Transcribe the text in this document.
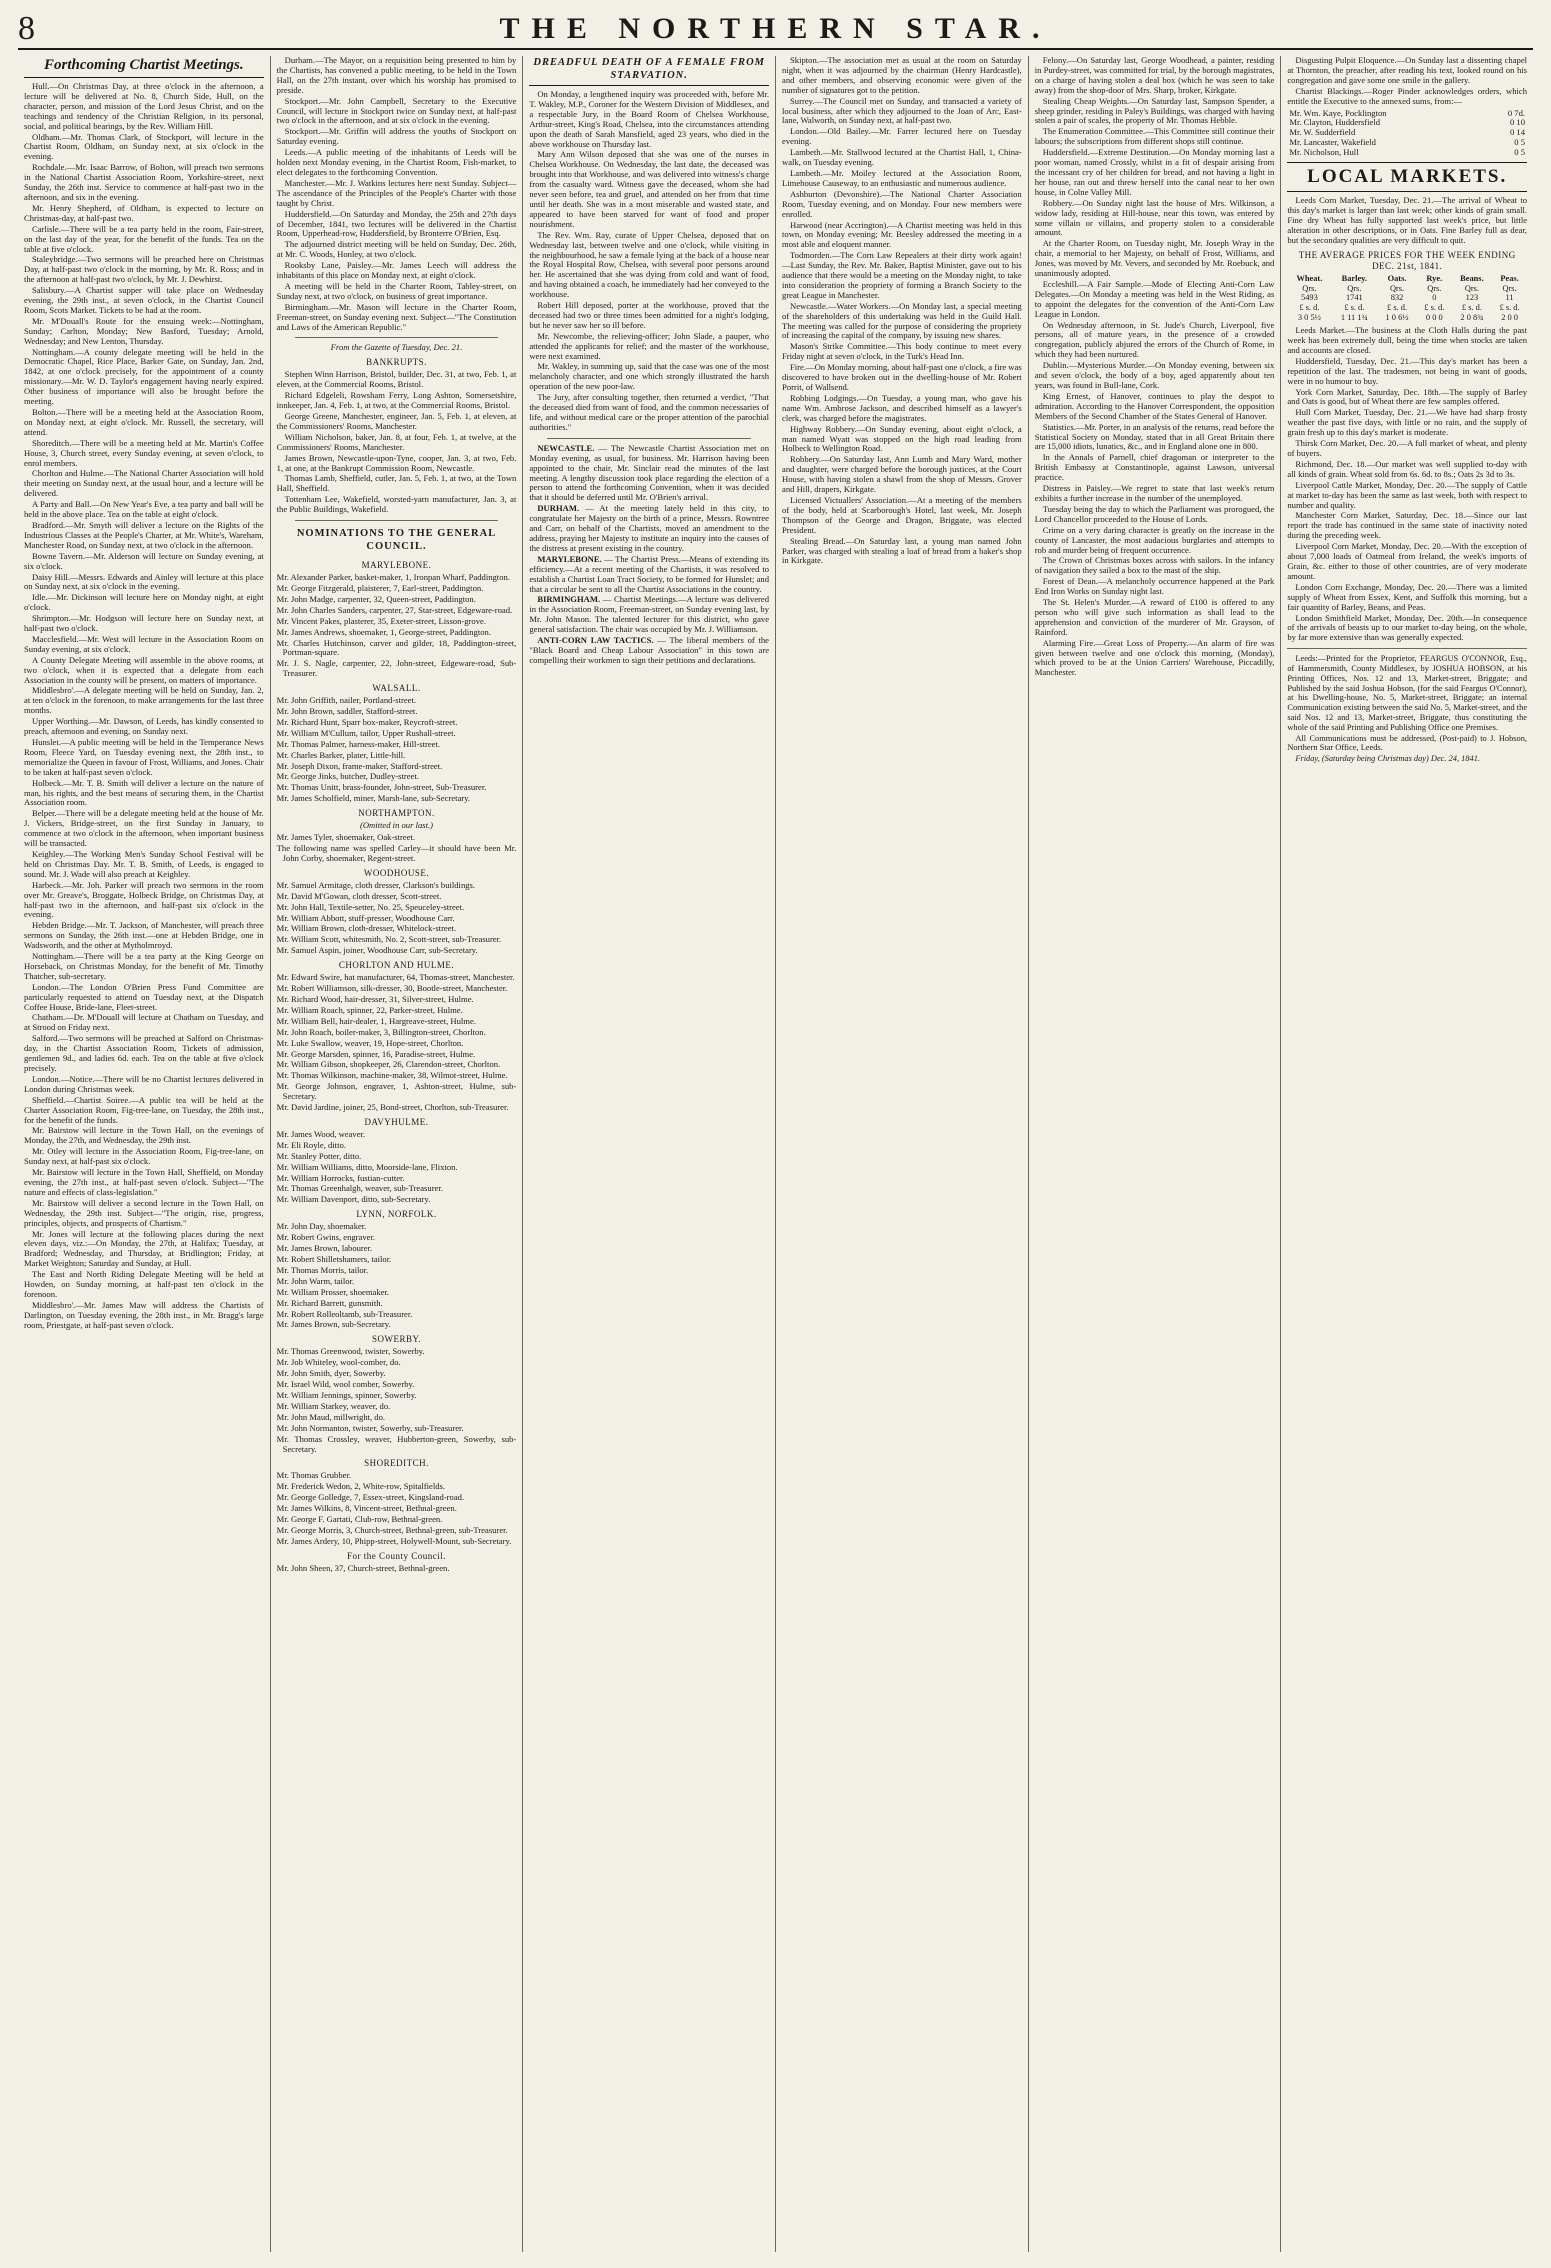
8	THE NORTHERN STAR.
Forthcoming Chartist Meetings.

Hull.—On Christmas Day, at three o'clock in the afternoon, a lecture will be delivered at No. 8, Church Side, Hull, on the character, person, and mission of the Lord Jesus Christ, and on the teachings and tendency of the Christian Religion, in its personal, social, and political bearings, by the Rev. William Hill.

Oldham.—Mr. Thomas Clark, of Stockport, will lecture in the Chartist Room, Oldham, on Sunday next, at six o'clock in the evening.

Rochdale.—Mr. Isaac Barrow, of Bolton, will preach two sermons in the National Chartist Association Room, Yorkshire-street, next Sunday, the 26th inst. Service to commence at half-past two in the afternoon, and six in the evening.

Mr. Henry Shepherd, of Oldham, is expected to lecture on Christmas-day, at half-past two.

Carlisle.—There will be a tea party held in the room, Fair-street, on the last day of the year, for the benefit of the funds. Tea on the table at five o'clock.

Staleybridge.—Two sermons will be preached here on Christmas Day, at half-past two o'clock in the morning, by Mr. R. Ross; and in the afternoon at half-past two o'clock, by Mr. J. Dewhirst.

Salisbury.—A Chartist supper will take place on Wednesday evening, the 29th inst., at seven o'clock, in the Chartist Council Room, Scots Market. Tickets to be had at the room.

Mr. M'Douall's Route for the ensuing week:—Nottingham, Sunday; Carlton, Monday; New Basford, Tuesday; Arnold, Wednesday; and New Lenton, Thursday.

Nottingham.—A county delegate meeting will be held in the Democratic Chapel, Rice Place, Barker Gate, on Sunday, Jan. 2nd, 1842, at one o'clock precisely, for the appointment of a county missionary.—Mr. W. D. Taylor's engagement having nearly expired. Other business of importance will also be brought before the meeting.

Bolton.—There will be a meeting held at the Association Room, on Monday next, at eight o'clock. Mr. Russell, the secretary, will attend.

Shoreditch.—There will be a meeting held at Mr. Martin's Coffee House, 3, Church street, every Sunday evening, at seven o'clock, to enrol members.

Chorlton and Hulme.—The National Charter Association will hold their meeting on Sunday next, at the usual hour, and a lecture will be delivered.

A Party and Ball.—On New Year's Eve, a tea party and ball will be held in the above place. Tea on the table at eight o'clock.

Bradford.—Mr. Smyth will deliver a lecture on the Rights of the Industrious Classes at the People's Charter, at Mr. White's, Wareham, Manchester Road, on Sunday next, at two o'clock in the afternoon.

Bowne Tavern.—Mr. Alderson will lecture on Sunday evening, at six o'clock.

Daisy Hill.—Messrs. Edwards and Ainley will lecture at this place on Sunday next, at six o'clock in the evening.

Idle.—Mr. Dickinson will lecture here on Monday night, at eight o'clock.

Shrimpton.—Mr. Hodgson will lecture here on Sunday next, at half-past two o'clock.

Macclesfield.—Mr. West will lecture in the Association Room on Sunday evening, at six o'clock.

A County Delegate Meeting will assemble in the above rooms, at two o'clock, when it is expected that a delegate from each Association in the county will be present, on matters of importance.

Middlesbro'.—A delegate meeting will be held on Sunday, Jan. 2, at ten o'clock in the forenoon, to make arrangements for the last three months.

Upper Worthing.—Mr. Dawson, of Leeds, has kindly consented to preach, afternoon and evening, on Sunday next.

Hunslet.—A public meeting will be held in the Temperance News Room, Fleece Yard, on Tuesday evening next, the 28th inst., to memorialize the Queen in favour of Frost, Williams, and Jones. Chair to be taken at half-past seven o'clock.

Holbeck.—Mr. T. B. Smith will deliver a lecture on the nature of man, his rights, and the best means of securing them, in the Chartist Association room.

Belper.—There will be a delegate meeting held at the house of Mr. J. Vickers, Bridge-street, on the first Sunday in January, to commence at two o'clock in the afternoon, when important business will be transacted.

Keighley.—The Working Men's Sunday School Festival will be held on Christmas Day. Mr. T. B. Smith, of Leeds, is engaged to sound. Mr. J. Wade will also preach at Keighley.

Harbeck.—Mr. Joh. Parker will preach two sermons in the room over Mr. Greave's, Broggate, Holbeck Bridge, on Christmas Day, at half-past two in the afternoon, and half-past six o'clock in the evening.

Hebden Bridge.—Mr. T. Jackson, of Manchester, will preach three sermons on Sunday, the 26th inst.—one at Hebden Bridge, one in Wadsworth, and the other at Mytholmroyd.

Nottingham.—There will be a tea party at the King George on Horseback, on Christmas Monday, for the benefit of Mr. Timothy Thatcher, sub-secretary.

London.—The London O'Brien Press Fund Committee are particularly requested to attend on Tuesday next, at the Dispatch Coffee House, Bride-lane, Fleet-street.

Chatham.—Dr. M'Douall will lecture at Chatham on Tuesday, and at Strood on Friday next.

Salford.—Two sermons will be preached at Salford on Christmas-day, in the Chartist Association Room, Tickets of admission, gentlemen 9d., and ladies 6d. each. Tea on the table at five o'clock precisely.

London.—Notice.—There will be no Chartist lectures delivered in London during Christmas week.

Sheffield.—Chartist Soiree.—A public tea will be held at the Charter Association Room, Fig-tree-lane, on Tuesday, the 28th inst., for the benefit of the funds.

Mr. Bairstow will lecture in the Town Hall, on the evenings of Monday, the 27th, and Wednesday, the 29th inst.

Mr. Otley will lecture in the Association Room, Fig-tree-lane, on Sunday next, at half-past six o'clock.

Mr. Bairstow will lecture in the Town Hall, Sheffield, on Monday evening, the 27th inst., at half-past seven o'clock. Subject—"The nature and effects of class-legislation."

Mr. Bairstow will deliver a second lecture in the Town Hall, on Wednesday, the 29th inst. Subject—"The origin, rise, progress, principles, objects, and prospects of Chartism."

Mr. Jones will lecture at the following places during the next eleven days, viz.:—On Monday, the 27th, at Halifax; Tuesday, at Bradford; Wednesday, and Thursday, at Bridlington; Friday, at Market Weighton; Saturday and Sunday, at Hull.

The East and North Riding Delegate Meeting will be held at Howden, on Sunday morning, at half-past ten o'clock in the forenoon.

Middlesbro'.—Mr. James Maw will address the Chartists of Darlington, on Tuesday evening, the 28th inst., in Mr. Bragg's large room, Priestgate, at half-past seven o'clock.

Durham.—The Mayor, on a requisition being presented to him by the Chartists, has convened a public meeting, to be held in the Town Hall, on the 27th instant, over which his worship has promised to preside.

Stockport.—Mr. John Campbell, Secretary to the Executive Council, will lecture in Stockport twice on Sunday next, at half-past two o'clock in the afternoon, and at six o'clock in the evening.

Stockport.—Mr. Griffin will address the youths of Stockport on Saturday evening.

Leeds.—A public meeting of the inhabitants of Leeds will be holden next Monday evening, in the Chartist Room, Fish-market, to elect delegates to the forthcoming Convention.

Manchester.—Mr. J. Watkins lectures here next Sunday. Subject—The ascendance of the Principles of the People's Charter with those taught by Christ.

Huddersfield.—On Saturday and Monday, the 25th and 27th days of December, 1841, two lectures will be delivered in the Chartist Room, Upperhead-row, Huddersfield, by Bronterre O'Brien, Esq.

The adjourned district meeting will be held on Sunday, Dec. 26th, at Mr. C. Woods, Honley, at two o'clock.

Rooksby Lane, Paisley.—Mr. James Leech will address the inhabitants of this place on Monday next, at eight o'clock.

A meeting will be held in the Charter Room, Tabley-street, on Sunday next, at two o'clock, on business of great importance.

Birmingham.—Mr. Mason will lecture in the Charter Room, Freeman-street, on Sunday evening next. Subject—"The Constitution and Laws of the American Republic."

From the Gazette of Tuesday, Dec. 21.
BANKRUPTS.

Stephen Winn Harrison, Bristol, builder, Dec. 31, at two, Feb. 1, at eleven, at the Commercial Rooms, Bristol.

Richard Edgeleli, Rowsham Ferry, Long Ashton, Somersetshire, innkeeper, Jan. 4, Feb. 1, at two, at the Commercial Rooms, Bristol.

George Greene, Manchester, engineer, Jan. 5, Feb. 1, at eleven, at the Commissioners' Rooms, Manchester.

William Nicholson, baker, Jan. 8, at four, Feb. 1, at twelve, at the Commissioners' Rooms, Manchester.

James Brown, Newcastle-upon-Tyne, cooper, Jan. 3, at two, Feb. 1, at one, at the Bankrupt Commission Room, Newcastle.

Thomas Lamb, Sheffield, cutler, Jan. 5, Feb. 1, at two, at the Town Hall, Sheffield.

Tottenham Lee, Wakefield, worsted-yarn manufacturer, Jan. 3, at the Public Buildings, Wakefield.

NOMINATIONS TO THE GENERAL COUNCIL.
MARYLEBONE.
Mr. Alexander Parker, basket-maker, 1, Ironpan Wharf, Paddington.
Mr. George Fitzgerald, plaisterer, 7, Earl-street, Paddington.
Mr. John Madge, carpenter, 32, Queen-street, Paddington.
Mr. John Charles Sanders, carpenter, 27, Star-street, Edgeware-road.
Mr. Vincent Pakes, plasterer, 35, Exeter-street, Lisson-grove.
Mr. James Andrews, shoemaker, 1, George-street, Paddington.
Mr. Charles Hutchinson, carver and gilder, 18, Paddington-street, Portman-square.
Mr. J. S. Nagle, carpenter, 22, John-street, Edgeware-road, Sub-Treasurer.
WALSALL.
Mr. John Griffith, nailer, Portland-street.
Mr. John Brown, saddler, Stafford-street.
Mr. Richard Hunt, Sparr box-maker, Reycroft-street.
Mr. William M'Cullum, tailor, Upper Rushall-street.
Mr. Thomas Palmer, harness-maker, Hill-street.
Mr. Charles Barker, plater, Little-hill.
Mr. Joseph Dixon, frame-maker, Stafford-street.
Mr. George Jinks, butcher, Dudley-street.
Mr. Thomas Unitt, brass-founder, John-street, Sub-Treasurer.
Mr. James Scholfield, miner, Marsh-lane, sub-Secretary.
NORTHAMPTON.
(Omitted in our last.)
Mr. James Tyler, shoemaker, Oak-street.
The following name was spelled Carley—it should have been Mr. John Corby, shoemaker, Regent-street.
WOODHOUSE.
Mr. Samuel Armitage, cloth dresser, Clarkson's buildings.
Mr. David M'Gowan, cloth dresser, Scott-street.
Mr. John Hall, Textile-setter, No. 25, Speuceley-street.
Mr. William Abbott, stuff-presser, Woodhouse Carr.
Mr. William Brown, cloth-dresser, Whitelock-street.
Mr. William Scott, whitesmith, No. 2, Scott-street, sub-Treasurer.
Mr. Samuel Aspin, joiner, Woodhouse Carr, sub-Secretary.
CHORLTON AND HULME.
Mr. Edward Swire, hat manufacturer, 64, Thomas-street, Manchester.
Mr. Robert Williamson, silk-dresser, 30, Bootle-street, Manchester.
Mr. Richard Wood, hair-dresser, 31, Silver-street, Hulme.
Mr. William Roach, spinner, 22, Parker-street, Hulme.
Mr. William Bell, hair-dealer, 1, Hargreave-street, Hulme.
Mr. John Roach, boiler-maker, 3, Billington-street, Chorlton.
Mr. Luke Swallow, weaver, 19, Hope-street, Chorlton.
Mr. George Marsden, spinner, 16, Paradise-street, Hulme.
Mr. William Gibson, shopkeeper, 26, Clarendon-street, Chorlton.
Mr. Thomas Wilkinson, machine-maker, 38, Wilmot-street, Hulme.
Mr. George Johnson, engraver, 1, Ashton-street, Hulme, sub-Secretary.
Mr. David Jardine, joiner, 25, Bond-street, Chorlton, sub-Treasurer.
DAVYHULME.
Mr. James Wood, weaver.
Mr. Eli Royle, ditto.
Mr. Stanley Potter, ditto.
Mr. William Williams, ditto, Moorside-lane, Flixton.
Mr. William Horrocks, fustian-cutter.
Mr. Thomas Greenhalgh, weaver, sub-Treasurer.
Mr. William Davenport, ditto, sub-Secretary.
LYNN, NORFOLK.
Mr. John Day, shoemaker.
Mr. Robert Gwins, engraver.
Mr. James Brown, labourer.
Mr. Robert Shilletshamers, tailor.
Mr. Thomas Morris, tailor.
Mr. John Warm, tailor.
Mr. William Prosser, shoemaker.
Mr. Richard Barrett, gunsmith.
Mr. Robert Rolleoltamb, sub-Treasurer.
Mr. James Brown, sub-Secretary.
SOWERBY.
Mr. Thomas Greenwood, twister, Sowerby.
Mr. Job Whiteley, wool-comber, do.
Mr. John Smith, dyer, Sowerby.
Mr. Israel Wild, wool comber, Sowerby.
Mr. William Jennings, spinner, Sowerby.
Mr. William Starkey, weaver, do.
Mr. John Maud, millwright, do.
Mr. John Normanton, twister, Sowerby, sub-Treasurer.
Mr. Thomas Crossley, weaver, Hubberton-green, Sowerby, sub-Secretary.
SHOREDITCH.
Mr. Thomas Grubber.
Mr. Frederick Wedon, 2, White-row, Spitalfields.
Mr. George Golledge, 7, Essex-street, Kingsland-road.
Mr. James Wilkins, 8, Vincent-street, Bethnal-green.
Mr. George F. Gartati, Club-row, Bethnal-green.
Mr. George Morris, 3, Church-street, Bethnal-green, sub-Treasurer.
Mr. James Ardery, 10, Phipp-street, Holywell-Mount, sub-Secretary.
For the County Council.
Mr. John Sheen, 37, Church-street, Bethnal-green.
DREADFUL DEATH OF A FEMALE FROM STARVATION.

On Monday, a lengthened inquiry was proceeded with, before Mr. T. Wakley, M.P., Coroner for the Western Division of Middlesex, and a respectable Jury, in the Board Room of Chelsea Workhouse, Arthur-street, King's Road, Chelsea, into the circumstances attending upon the death of Sarah Mansfield, aged 23 years, who died in the above workhouse on Thursday last.

Mary Ann Wilson deposed that she was one of the nurses in Chelsea Workhouse. On Wednesday, the last date, the deceased was brought into that Workhouse, and was delivered into witness's charge from the casualty ward. Witness gave the deceased, whom she had never seen before, tea and gruel, and attended on her from that time until her death. She was in a most miserable and wasted state, and appeared to have been starved for want of food and proper nourishment.

The Rev. Wm. Ray, curate of Upper Chelsea, deposed that on Wednesday last, between twelve and one o'clock, while visiting in the neighbourhood, he saw a female lying at the back of a house near the Royal Hospital Row, Chelsea, with several poor persons around her. He ascertained that she was dying from cold and want of food, and having obtained a coach, he immediately had her conveyed to the workhouse.

Robert Hill deposed, porter at the workhouse, proved that the deceased had two or three times been admitted for a night's lodging, but he never saw her so ill before.

Mr. Newcombe, the relieving-officer; John Slade, a pauper, who attended the applicants for relief; and the master of the workhouse, were next examined.

Mr. Wakley, in summing up, said that the case was one of the most melancholy character, and one which strongly illustrated the harsh operation of the new poor-law.

The Jury, after consulting together, then returned a verdict, "That the deceased died from want of food, and the common necessaries of life, and without medical care or the proper attention of the parochial authorities."

NEWCASTLE. — The Newcastle Chartist Association met on Monday evening, as usual, for business. Mr. Harrison having been appointed to the chair, Mr. Sinclair read the minutes of the last meeting. A lengthy discussion took place regarding the election of a person to attend the forthcoming Convention, when it was decided that it should be deferred until Mr. O'Brien's arrival.

DURHAM. — At the meeting lately held in this city, to congratulate her Majesty on the birth of a prince, Messrs. Rowntree and Carr, on behalf of the Chartists, moved an amendment to the address, praying her Majesty to institute an inquiry into the causes of the distress at present existing in the country.

MARYLEBONE. — The Chartist Press.—Means of extending its efficiency.—At a recent meeting of the Chartists, it was resolved to establish a Chartist Loan Tract Society, to be formed for Hunslet; and that a circular be sent to all the Chartist Associations in the country.

BIRMINGHAM. — Chartist Meetings.—A lecture was delivered in the Association Room, Freeman-street, on Sunday evening last, by Mr. John Mason. The talented lecturer for this district, who gave general satisfaction. The chair was occupied by Mr. J. Williamson.

ANTI-CORN LAW TACTICS. — The liberal members of the "Black Board and Cheap Labour Association" in this town are compelling their workmen to sign their petitions and declarations.

Skipton.—The association met as usual at the room on Saturday night, when it was adjourned by the chairman (Henry Hardcastle), and other members, and observing economic were given of the number of signatures got to the petition.

Surrey.—The Council met on Sunday, and transacted a variety of local business, after which they adjourned to the Joan of Arc, East-lane, Walworth, on Sunday next, at half-past two.

London.—Old Bailey.—Mr. Farrer lectured here on Tuesday evening.

Lambeth.—Mr. Stallwood lectured at the Chartist Hall, 1, China-walk, on Tuesday evening.

Lambeth.—Mr. Moiley lectured at the Association Room, Limehouse Causeway, to an enthusiastic and numerous audience.

Ashburton (Devonshire).—The National Charter Association Room, Tuesday evening, and on Monday. Four new members were enrolled.

Harwood (near Accrington).—A Chartist meeting was held in this town, on Monday evening; Mr. Beesley addressed the meeting in a most able and eloquent manner.

Todmorden.—The Corn Law Repealers at their dirty work again!—Last Sunday, the Rev. Mr. Baker, Baptist Minister, gave out to his audience that there would be a meeting on the Monday night, to take into consideration the propriety of forming a Branch Society to the great League in Manchester.

Newcastle.—Water Workers.—On Monday last, a special meeting of the shareholders of this undertaking was held in the Guild Hall. The meeting was called for the purpose of considering the propriety of increasing the capital of the company, by issuing new shares.

Mason's Strike Committee.—This body continue to meet every Friday night at seven o'clock, in the Turk's Head Inn.

Fire.—On Monday morning, about half-past one o'clock, a fire was discovered to have broken out in the dwelling-house of Mr. Robert Porrit, of Wallsend.

Robbing Lodgings.—On Tuesday, a young man, who gave his name Wm. Ambrose Jackson, and described himself as a lawyer's clerk, was charged before the magistrates.

Highway Robbery.—On Sunday evening, about eight o'clock, a man named Wyatt was stopped on the high road leading from Holbeck to Wellington Road.

Robbery.—On Saturday last, Ann Lumb and Mary Ward, mother and daughter, were charged before the borough justices, at the Court House, with having stolen a shawl from the shop of Messrs. Grover and Hill, drapers, Kirkgate.

Licensed Victuallers' Association.—At a meeting of the members of the body, held at Scarborough's Hotel, last week, Mr. Joseph Thompson of the George and Dragon, Briggate, was elected President.

Stealing Bread.—On Saturday last, a young man named John Parker, was charged with stealing a loaf of bread from a baker's shop in Kirkgate.

Felony.—On Saturday last, George Woodhead, a painter, residing in Purdey-street, was committed for trial, by the borough magistrates, on a charge of having stolen a deal box (which he was seen to take away) from the shop-door of Mrs. Sharp, broker, Kirkgate.

Stealing Cheap Weights.—On Saturday last, Sampson Spender, a sheep grinder, residing in Paley's Buildings, was charged with having stolen a pair of scales, the property of Mr. Thomas Hebble.

The Enumeration Committee.—This Committee still continue their labours; the subscriptions from different shops still continue.

Huddersfield.—Extreme Destitution.—On Monday morning last a poor woman, named Crossly, whilst in a fit of despair arising from the incessant cry of her children for bread, and not having a light in her house, ran out and threw herself into the canal near to her own house, in Colne Valley Mill.

Robbery.—On Sunday night last the house of Mrs. Wilkinson, a widow lady, residing at Hill-house, near this town, was entered by some villain or villains, and property stolen to a considerable amount.

At the Charter Room, on Tuesday night, Mr. Joseph Wray in the chair, a memorial to her Majesty, on behalf of Frost, Williams, and Jones, was moved by Mr. Vevers, and seconded by Mr. Roebuck, and unanimously adopted.

Eccleshill.—A Fair Sample.—Mode of Electing Anti-Corn Law Delegates.—On Monday a meeting was held in the West Riding, as to appoint the delegates for the convention of the Anti-Corn Law League in London.

On Wednesday afternoon, in St. Jude's Church, Liverpool, five persons, all of mature years, in the presence of a crowded congregation, publicly abjured the errors of the Church of Rome, in which they had been nurtured.

Dublin.—Mysterious Murder.—On Monday evening, between six and seven o'clock, the body of a boy, aged apparently about ten years, was found in Bull-lane, Cork.

King Ernest, of Hanover, continues to play the despot to admiration. According to the Hanover Correspondent, the opposition Members of the Second Chamber of the States General of Hanover.

Statistics.—Mr. Porter, in an analysis of the returns, read before the Statistical Society on Monday, stated that in all Great Britain there are 15,000 idiots, lunatics, &c., and in England alone one in 800.

In the Annals of Parnell, chief dragoman or interpreter to the British Embassy at Constantinople, against Lawson, universal practice.

Distress in Paisley.—We regret to state that last week's return exhibits a further increase in the number of the unemployed.

Tuesday being the day to which the Parliament was prorogued, the Lord Chancellor proceeded to the House of Lords.

Crime on a very daring character is greatly on the increase in the county of Lancaster, the most audacious burglaries and attempts to rob and murder being of frequent occurrence.

The Crown of Christmas boxes across with sailors. In the infancy of navigation they sailed a box to the mast of the ship.

Forest of Dean.—A melancholy occurrence happened at the Park End Iron Works on Sunday night last.

The St. Helen's Murder.—A reward of £100 is offered to any person who will give such information as shall lead to the apprehension and conviction of the murderer of Mr. Grayson, of Rainford.

Alarming Fire.—Great Loss of Property.—An alarm of fire was given between twelve and one o'clock this morning, (Monday), which proved to be at the Union Carriers' Warehouse, Piccadilly, Manchester.

Disgusting Pulpit Eloquence.—On Sunday last a dissenting chapel at Thornton, the preacher, after reading his text, looked round on his congregation and gave some one smile in the gallery.

Chartist Blackings.—Roger Pinder acknowledges orders, which entitle the Executive to the annexed sums, from:—

Mr. Wm. Kaye, Pocklington	0 7d.
Mr. Clayton, Huddersfield	0 10
Mr. W. Sudderfield	0 14
Mr. Lancaster, Wakefield	0 5
Mr. Nicholson, Hull	0 5
LOCAL MARKETS.

Leeds Corn Market, Tuesday, Dec. 21.—The arrival of Wheat to this day's market is larger than last week; other kinds of grain small. Fine dry Wheat has fully supported last week's price, but little alteration in other descriptions, or in Oats. Fine Barley full as dear, but the secondary qualities are very difficult to quit.

THE AVERAGE PRICES FOR THE WEEK ENDING DEC. 21st, 1841.
Wheat.	Barley.	Oats.	Rye.	Beans.	Peas.
Qrs.	Qrs.	Qrs.	Qrs.	Qrs.	Qrs.
5493	1741	832	0	123	11
£ s. d.	£ s. d.	£ s. d.	£ s. d.	£ s. d.	£ s. d.
3 0 5½	1 11 1¾	1 0 6½	0 0 0	2 0 8¾	2 0 0

Leeds Market.—The business at the Cloth Halls during the past week has been extremely dull, being the time when stocks are taken and accounts are closed.

Huddersfield, Tuesday, Dec. 21.—This day's market has been a repetition of the last. The tradesmen, not being in want of goods, were in no humour to buy.

York Corn Market, Saturday, Dec. 18th.—The supply of Barley and Oats is good, but of Wheat there are few samples offered.

Hull Corn Market, Tuesday, Dec. 21.—We have had sharp frosty weather the past five days, with little or no rain, and the supply of grain fresh up to this day's market is moderate.

Thirsk Corn Market, Dec. 20.—A full market of wheat, and plenty of buyers.

Richmond, Dec. 18.—Our market was well supplied to-day with all kinds of grain. Wheat sold from 6s. 6d. to 8s.; Oats 2s 3d to 3s.

Liverpool Cattle Market, Monday, Dec. 20.—The supply of Cattle at market to-day has been the same as last week, both with respect to number and quality.

Manchester Corn Market, Saturday, Dec. 18.—Since our last report the trade has continued in the same state of inactivity noted during the preceding week.

Liverpool Corn Market, Monday, Dec. 20.—With the exception of about 7,000 loads of Oatmeal from Ireland, the week's imports of Grain, &c. either to those of other countries, are of very moderate amount.

London Corn Exchange, Monday, Dec. 20.—There was a limited supply of Wheat from Essex, Kent, and Suffolk this morning, but a fair quantity of Barley, Beans, and Peas.

London Smithfield Market, Monday, Dec. 20th.—In consequence of the arrivals of beasts up to our market to-day being, on the whole, by far more extensive than was generally expected.

Leeds:—Printed for the Proprietor, FEARGUS O'CONNOR, Esq., of Hammersmith, County Middlesex, by JOSHUA HOBSON, at his Printing Offices, Nos. 12 and 13, Market-street, Briggate; and Published by the said Joshua Hobson, (for the said Feargus O'Connor), at his Dwelling-house, No. 5, Market-street, Briggate; an internal Communication existing between the said No. 5, Market-street, and the said Nos. 12 and 13, Market-street, Briggate, thus constituting the whole of the said Printing and Publishing Office one Premises.

All Communications must be addressed, (Post-paid) to J. Hobson, Northern Star Office, Leeds.

Friday, (Saturday being Christmas day) Dec. 24, 1841.
